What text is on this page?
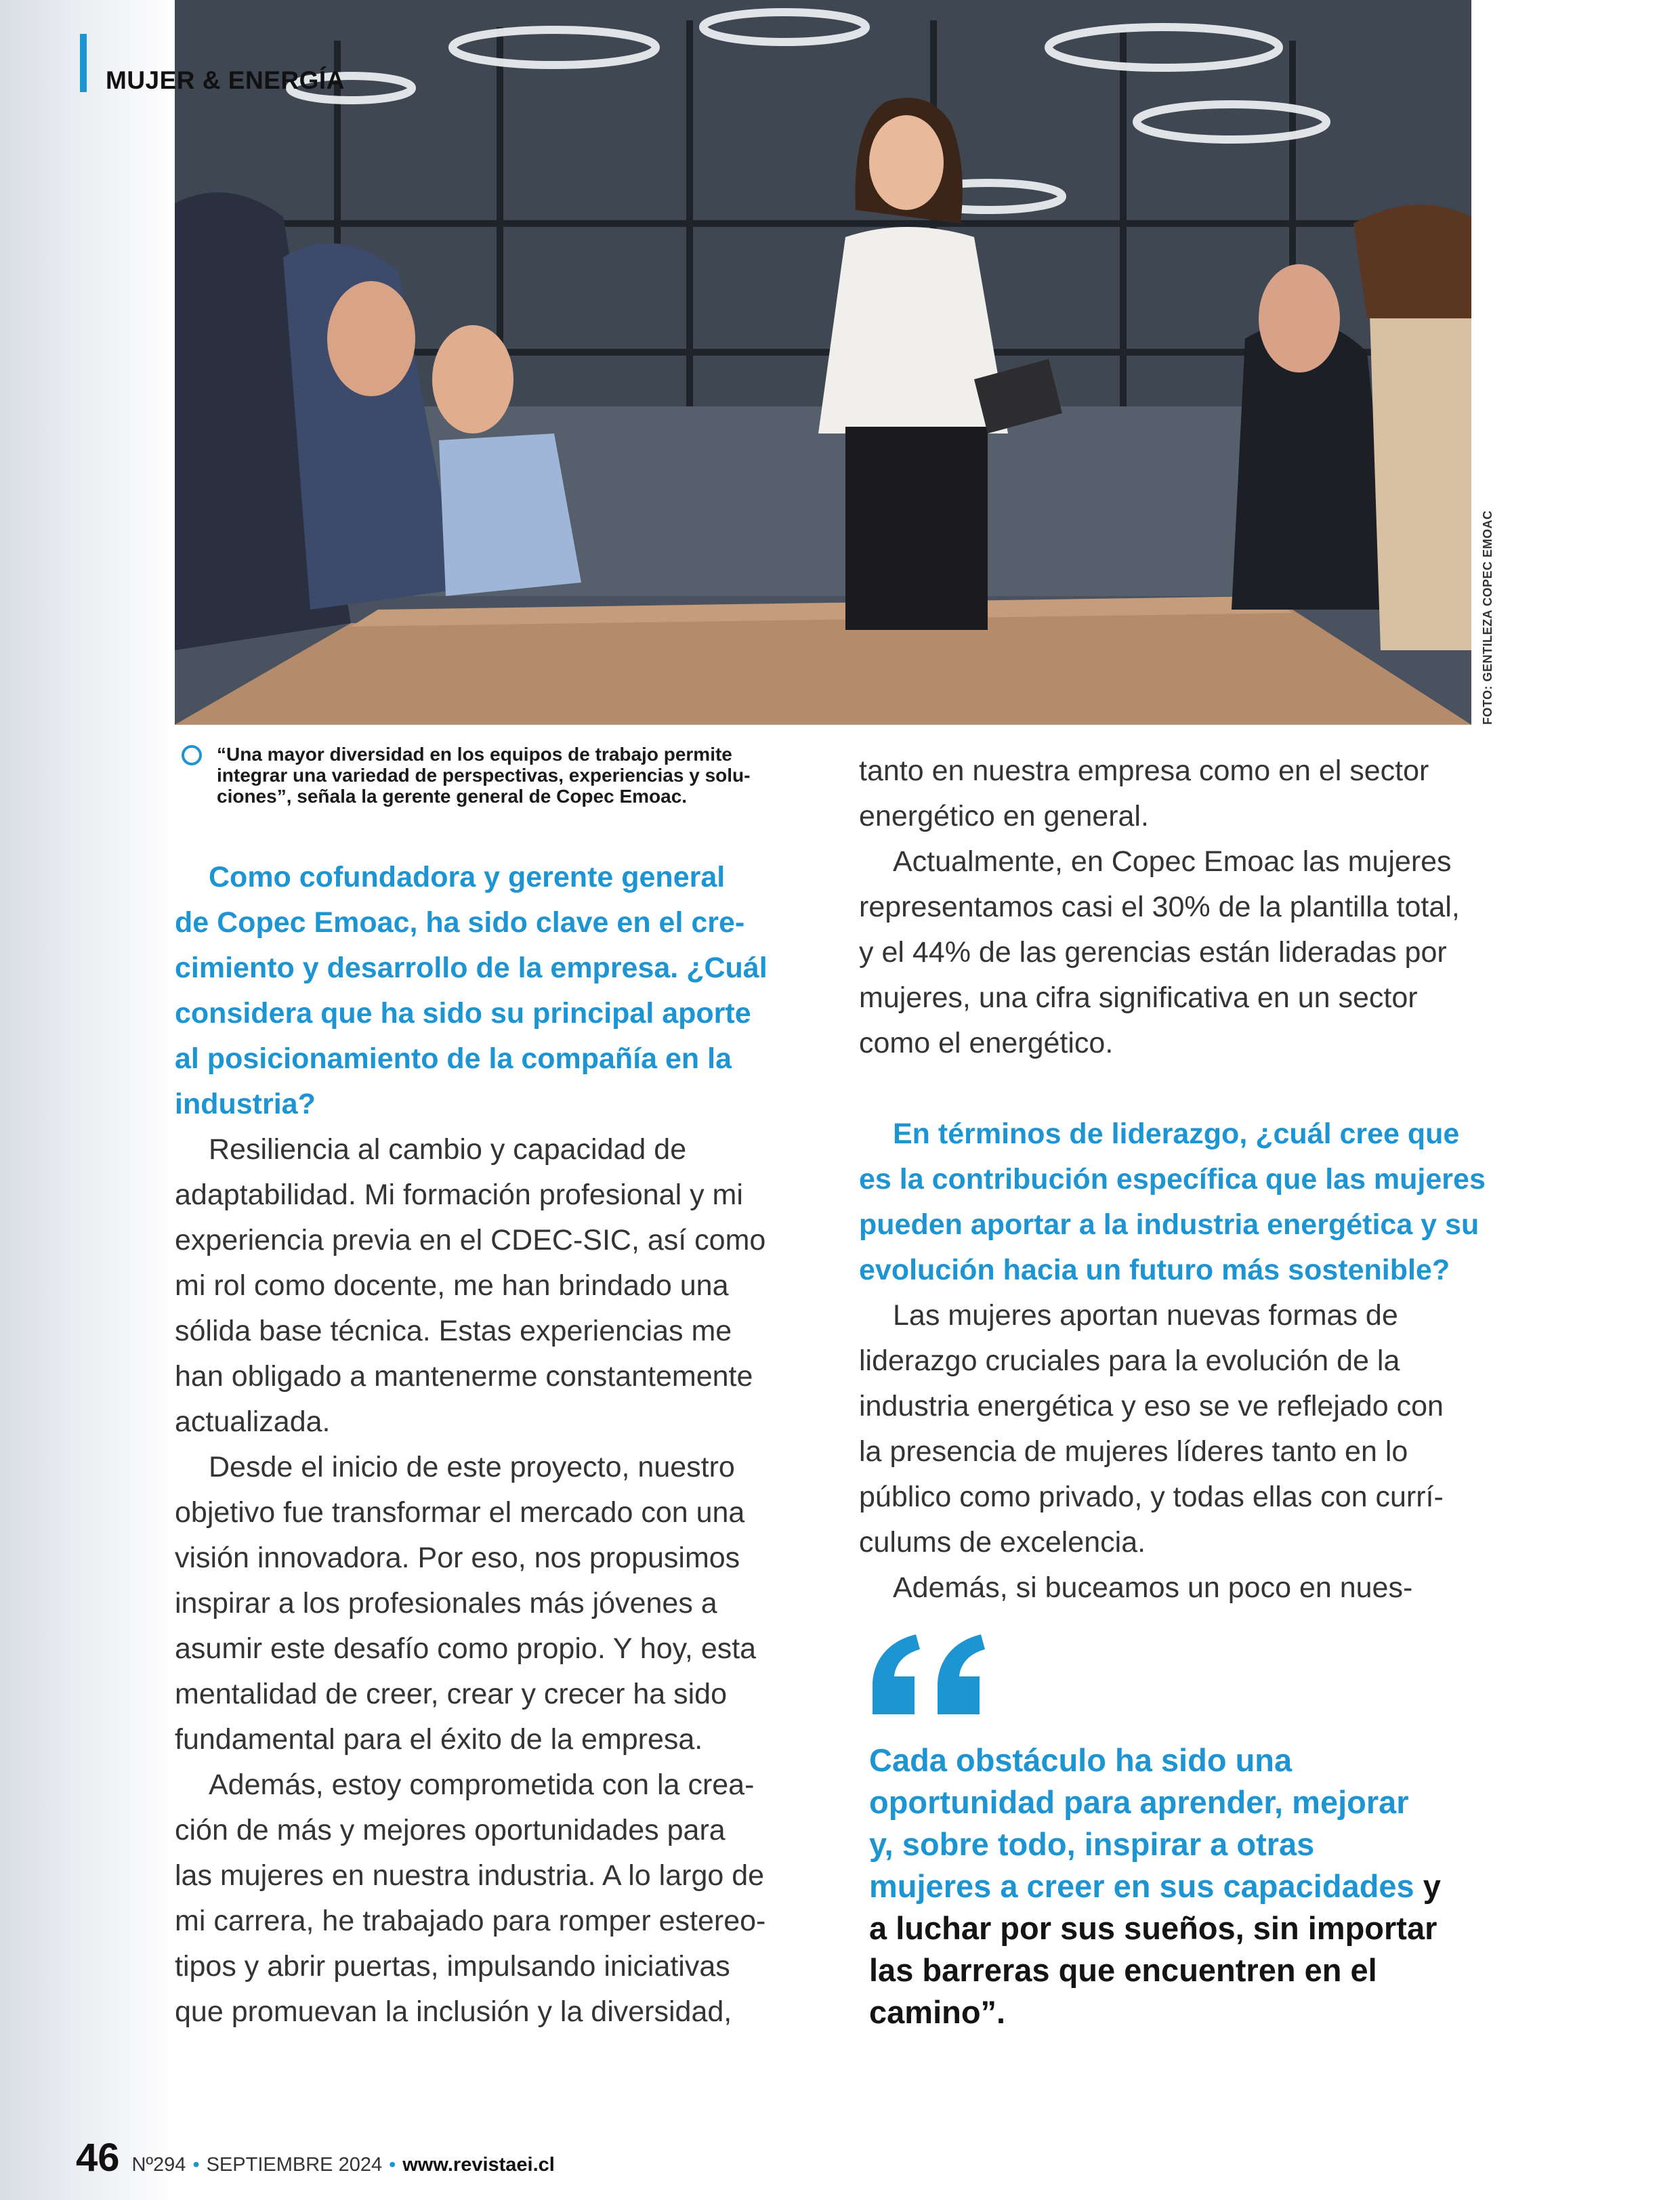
MUJER & ENERGÍA
FOTO: GENTILEZA COPEC EMOAC
“Una mayor diversidad en los equipos de trabajo permite
integrar una variedad de perspectivas, experiencias y solu-
ciones”, señala la gerente general de Copec Emoac.
Como cofundadora y gerente general
de Copec Emoac, ha sido clave en el cre-
cimiento y desarrollo de la empresa. ¿Cuál
considera que ha sido su principal aporte
al posicionamiento de la compañía en la
industria?
Resiliencia al cambio y capacidad de
adaptabilidad. Mi formación profesional y mi
experiencia previa en el CDEC-SIC, así como
mi rol como docente, me han brindado una
sólida base técnica. Estas experiencias me
han obligado a mantenerme constantemente
actualizada.
Desde el inicio de este proyecto, nuestro
objetivo fue transformar el mercado con una
visión innovadora. Por eso, nos propusimos
inspirar a los profesionales más jóvenes a
asumir este desafío como propio. Y hoy, esta
mentalidad de creer, crear y crecer ha sido
fundamental para el éxito de la empresa.
Además, estoy comprometida con la crea-
ción de más y mejores oportunidades para
las mujeres en nuestra industria. A lo largo de
mi carrera, he trabajado para romper estereo-
tipos y abrir puertas, impulsando iniciativas
que promuevan la inclusión y la diversidad,
tanto en nuestra empresa como en el sector
energético en general.
Actualmente, en Copec Emoac las mujeres
representamos casi el 30% de la plantilla total,
y el 44% de las gerencias están lideradas por
mujeres, una cifra significativa en un sector
como el energético.
En términos de liderazgo, ¿cuál cree que
es la contribución específica que las mujeres
pueden aportar a la industria energética y su
evolución hacia un futuro más sostenible?
Las mujeres aportan nuevas formas de
liderazgo cruciales para la evolución de la
industria energética y eso se ve reflejado con
la presencia de mujeres líderes tanto en lo
público como privado, y todas ellas con currí-
culums de excelencia.
Además, si buceamos un poco en nues-
Cada obstáculo ha sido una
oportunidad para aprender, mejorar
y, sobre todo, inspirar a otras
mujeres a creer en sus capacidades y
a luchar por sus sueños, sin importar
las barreras que encuentren en el
camino”.
46 Nº294 • SEPTIEMBRE 2024 • www.revistaei.cl
